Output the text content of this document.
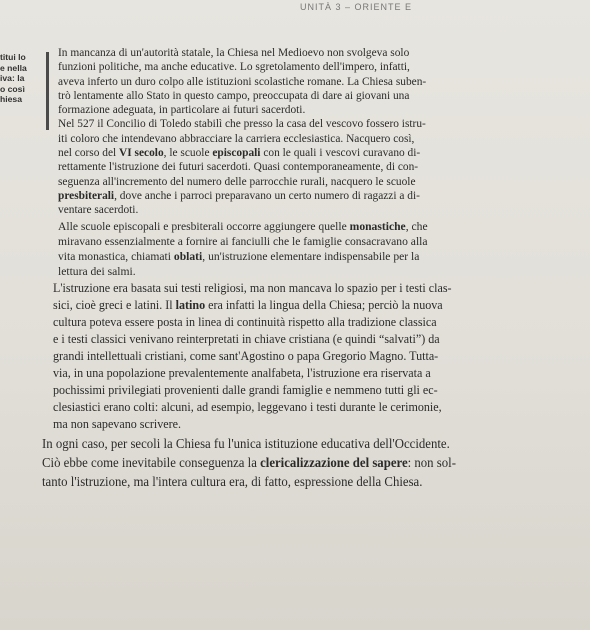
UNITÀ 3 – ORIENTE E
titui lo
e nella
iva: la
o così
hiesa
In mancanza di un'autorità statale, la Chiesa nel Medioevo non svolgeva solo
funzioni politiche, ma anche educative. Lo sgretolamento dell'impero, infatti,
aveva inferto un duro colpo alle istituzioni scolastiche romane. La Chiesa suben-
trò lentamente allo Stato in questo campo, preoccupata di dare ai giovani una
formazione adeguata, in particolare ai futuri sacerdoti.
Nel 527 il Concilio di Toledo stabilì che presso la casa del vescovo fossero istru-
iti coloro che intendevano abbracciare la carriera ecclesiastica. Nacquero così,
nel corso del VI secolo, le scuole episcopali con le quali i vescovi curavano di-
rettamente l'istruzione dei futuri sacerdoti. Quasi contemporaneamente, di con-
seguenza all'incremento del numero delle parrocchie rurali, nacquero le scuole
presbiterali, dove anche i parroci preparavano un certo numero di ragazzi a di-
ventare sacerdoti.
Alle scuole episcopali e presbiterali occorre aggiungere quelle monastiche, che
miravano essenzialmente a fornire ai fanciulli che le famiglie consacravano alla
vita monastica, chiamati oblati, un'istruzione elementare indispensabile per la
lettura dei salmi.
L'istruzione era basata sui testi religiosi, ma non mancava lo spazio per i testi clas-
sici, cioè greci e latini. Il latino era infatti la lingua della Chiesa; perciò la nuova
cultura poteva essere posta in linea di continuità rispetto alla tradizione classica
e i testi classici venivano reinterpretati in chiave cristiana (e quindi “salvati”) da
grandi intellettuali cristiani, come sant'Agostino o papa Gregorio Magno. Tutta-
via, in una popolazione prevalentemente analfabeta, l'istruzione era riservata a
pochissimi privilegiati provenienti dalle grandi famiglie e nemmeno tutti gli ec-
clesiastici erano colti: alcuni, ad esempio, leggevano i testi durante le cerimonie,
ma non sapevano scrivere.
In ogni caso, per secoli la Chiesa fu l'unica istituzione educativa dell'Occidente.
Ciò ebbe come inevitabile conseguenza la clericalizzazione del sapere: non sol-
tanto l'istruzione, ma l'intera cultura era, di fatto, espressione della Chiesa.
